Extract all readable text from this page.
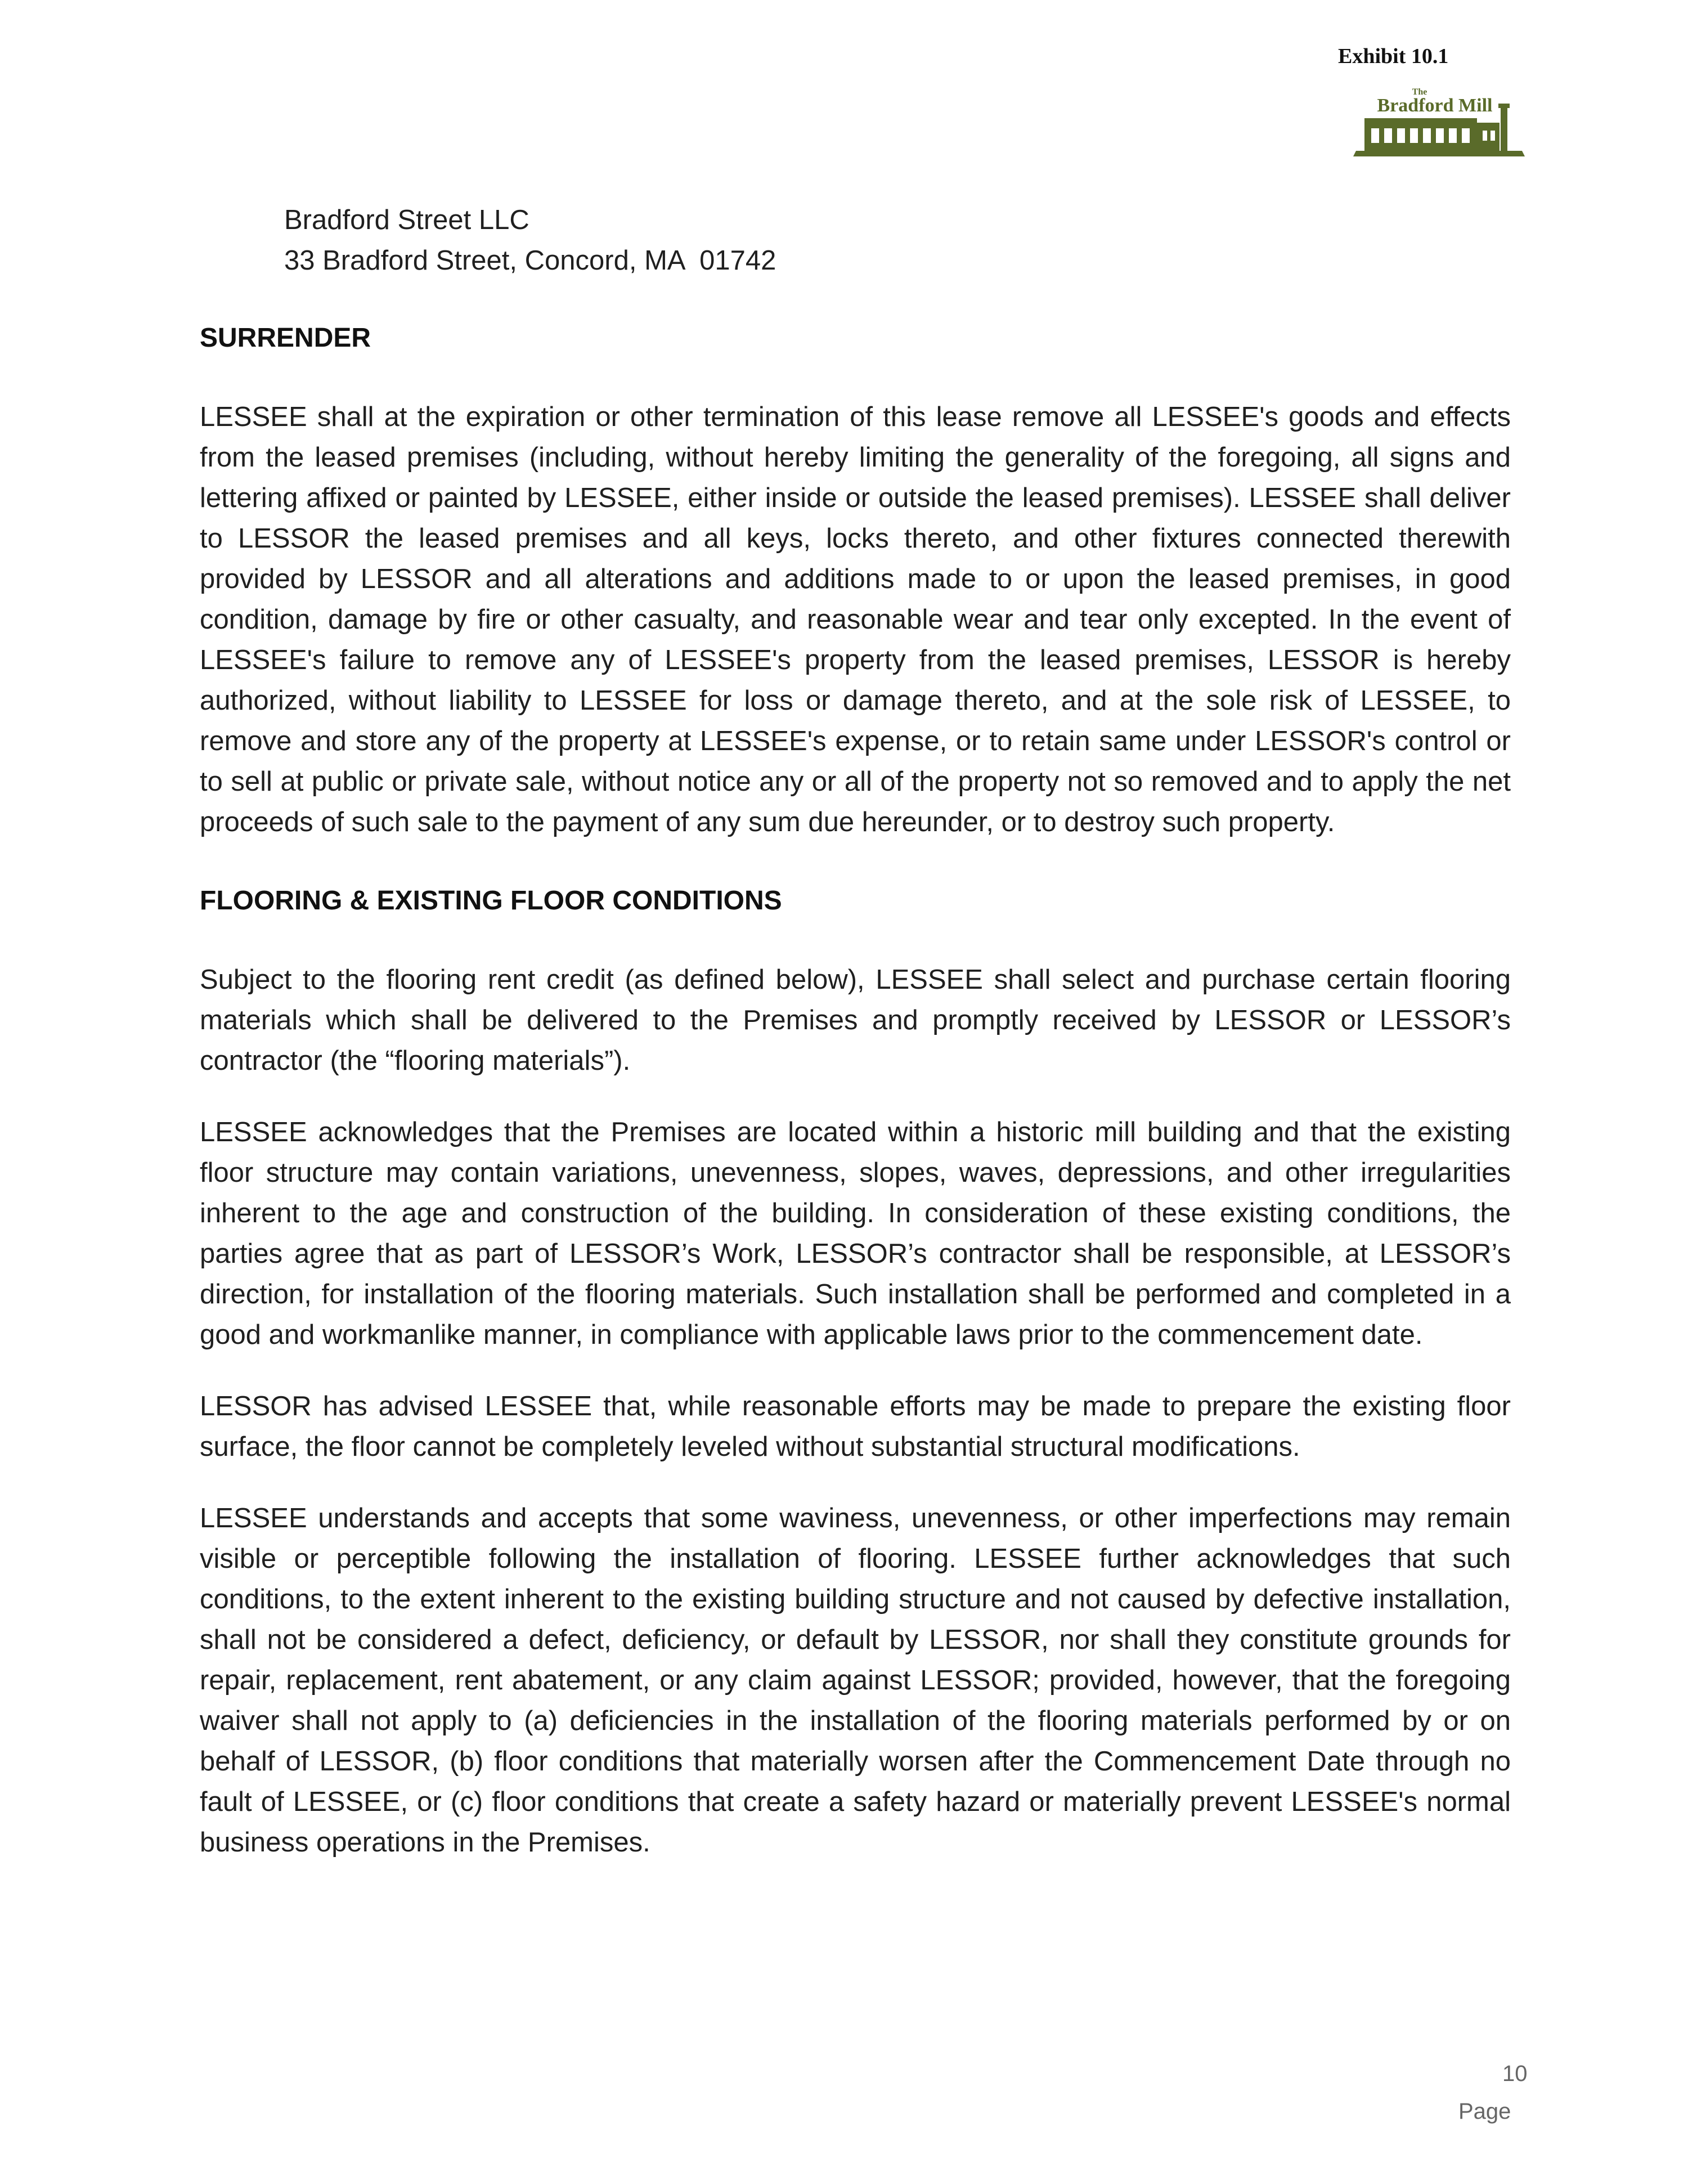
Exhibit 10.1
The
Bradford Mill
Bradford Street LLC
33 Bradford Street, Concord, MA  01742

SURRENDER

LESSEE shall at the expiration or other termination of this lease remove all LESSEE's goods and effects from the leased premises (including, without hereby limiting the generality of the foregoing, all signs and lettering affixed or painted by LESSEE, either inside or outside the leased premises). LESSEE shall deliver to LESSOR the leased premises and all keys, locks thereto, and other fixtures connected therewith provided by LESSOR and all alterations and additions made to or upon the leased premises, in good condition, damage by fire or other casualty, and reasonable wear and tear only excepted. In the event of LESSEE's failure to remove any of LESSEE's property from the leased premises, LESSOR is hereby authorized, without liability to LESSEE for loss or damage thereto, and at the sole risk of LESSEE, to remove and store any of the property at LESSEE's expense, or to retain same under LESSOR's control or to sell at public or private sale, without notice any or all of the property not so removed and to apply the net proceeds of such sale to the payment of any sum due hereunder, or to destroy such property.

FLOORING & EXISTING FLOOR CONDITIONS

Subject to the flooring rent credit (as defined below), LESSEE shall select and purchase certain flooring materials which shall be delivered to the Premises and promptly received by LESSOR or LESSOR’s contractor (the “flooring materials”).

LESSEE acknowledges that the Premises are located within a historic mill building and that the existing floor structure may contain variations, unevenness, slopes, waves, depressions, and other irregularities inherent to the age and construction of the building. In consideration of these existing conditions, the parties agree that as part of LESSOR’s Work, LESSOR’s contractor shall be responsible, at LESSOR’s direction, for installation of the flooring materials. Such installation shall be performed and completed in a good and workmanlike manner, in compliance with applicable laws prior to the commencement date.

LESSOR has advised LESSEE that, while reasonable efforts may be made to prepare the existing floor surface, the floor cannot be completely leveled without substantial structural modifications.

LESSEE understands and accepts that some waviness, unevenness, or other imperfections may remain visible or perceptible following the installation of flooring. LESSEE further acknowledges that such conditions, to the extent inherent to the existing building structure and not caused by defective installation, shall not be considered a defect, deficiency, or default by LESSOR, nor shall they constitute grounds for repair, replacement, rent abatement, or any claim against LESSOR; provided, however, that the foregoing waiver shall not apply to (a) deficiencies in the installation of the flooring materials performed by or on behalf of LESSOR, (b) floor conditions that materially worsen after the Commencement Date through no fault of LESSEE, or (c) floor conditions that create a safety hazard or materially prevent LESSEE's normal business operations in the Premises.

10
Page
